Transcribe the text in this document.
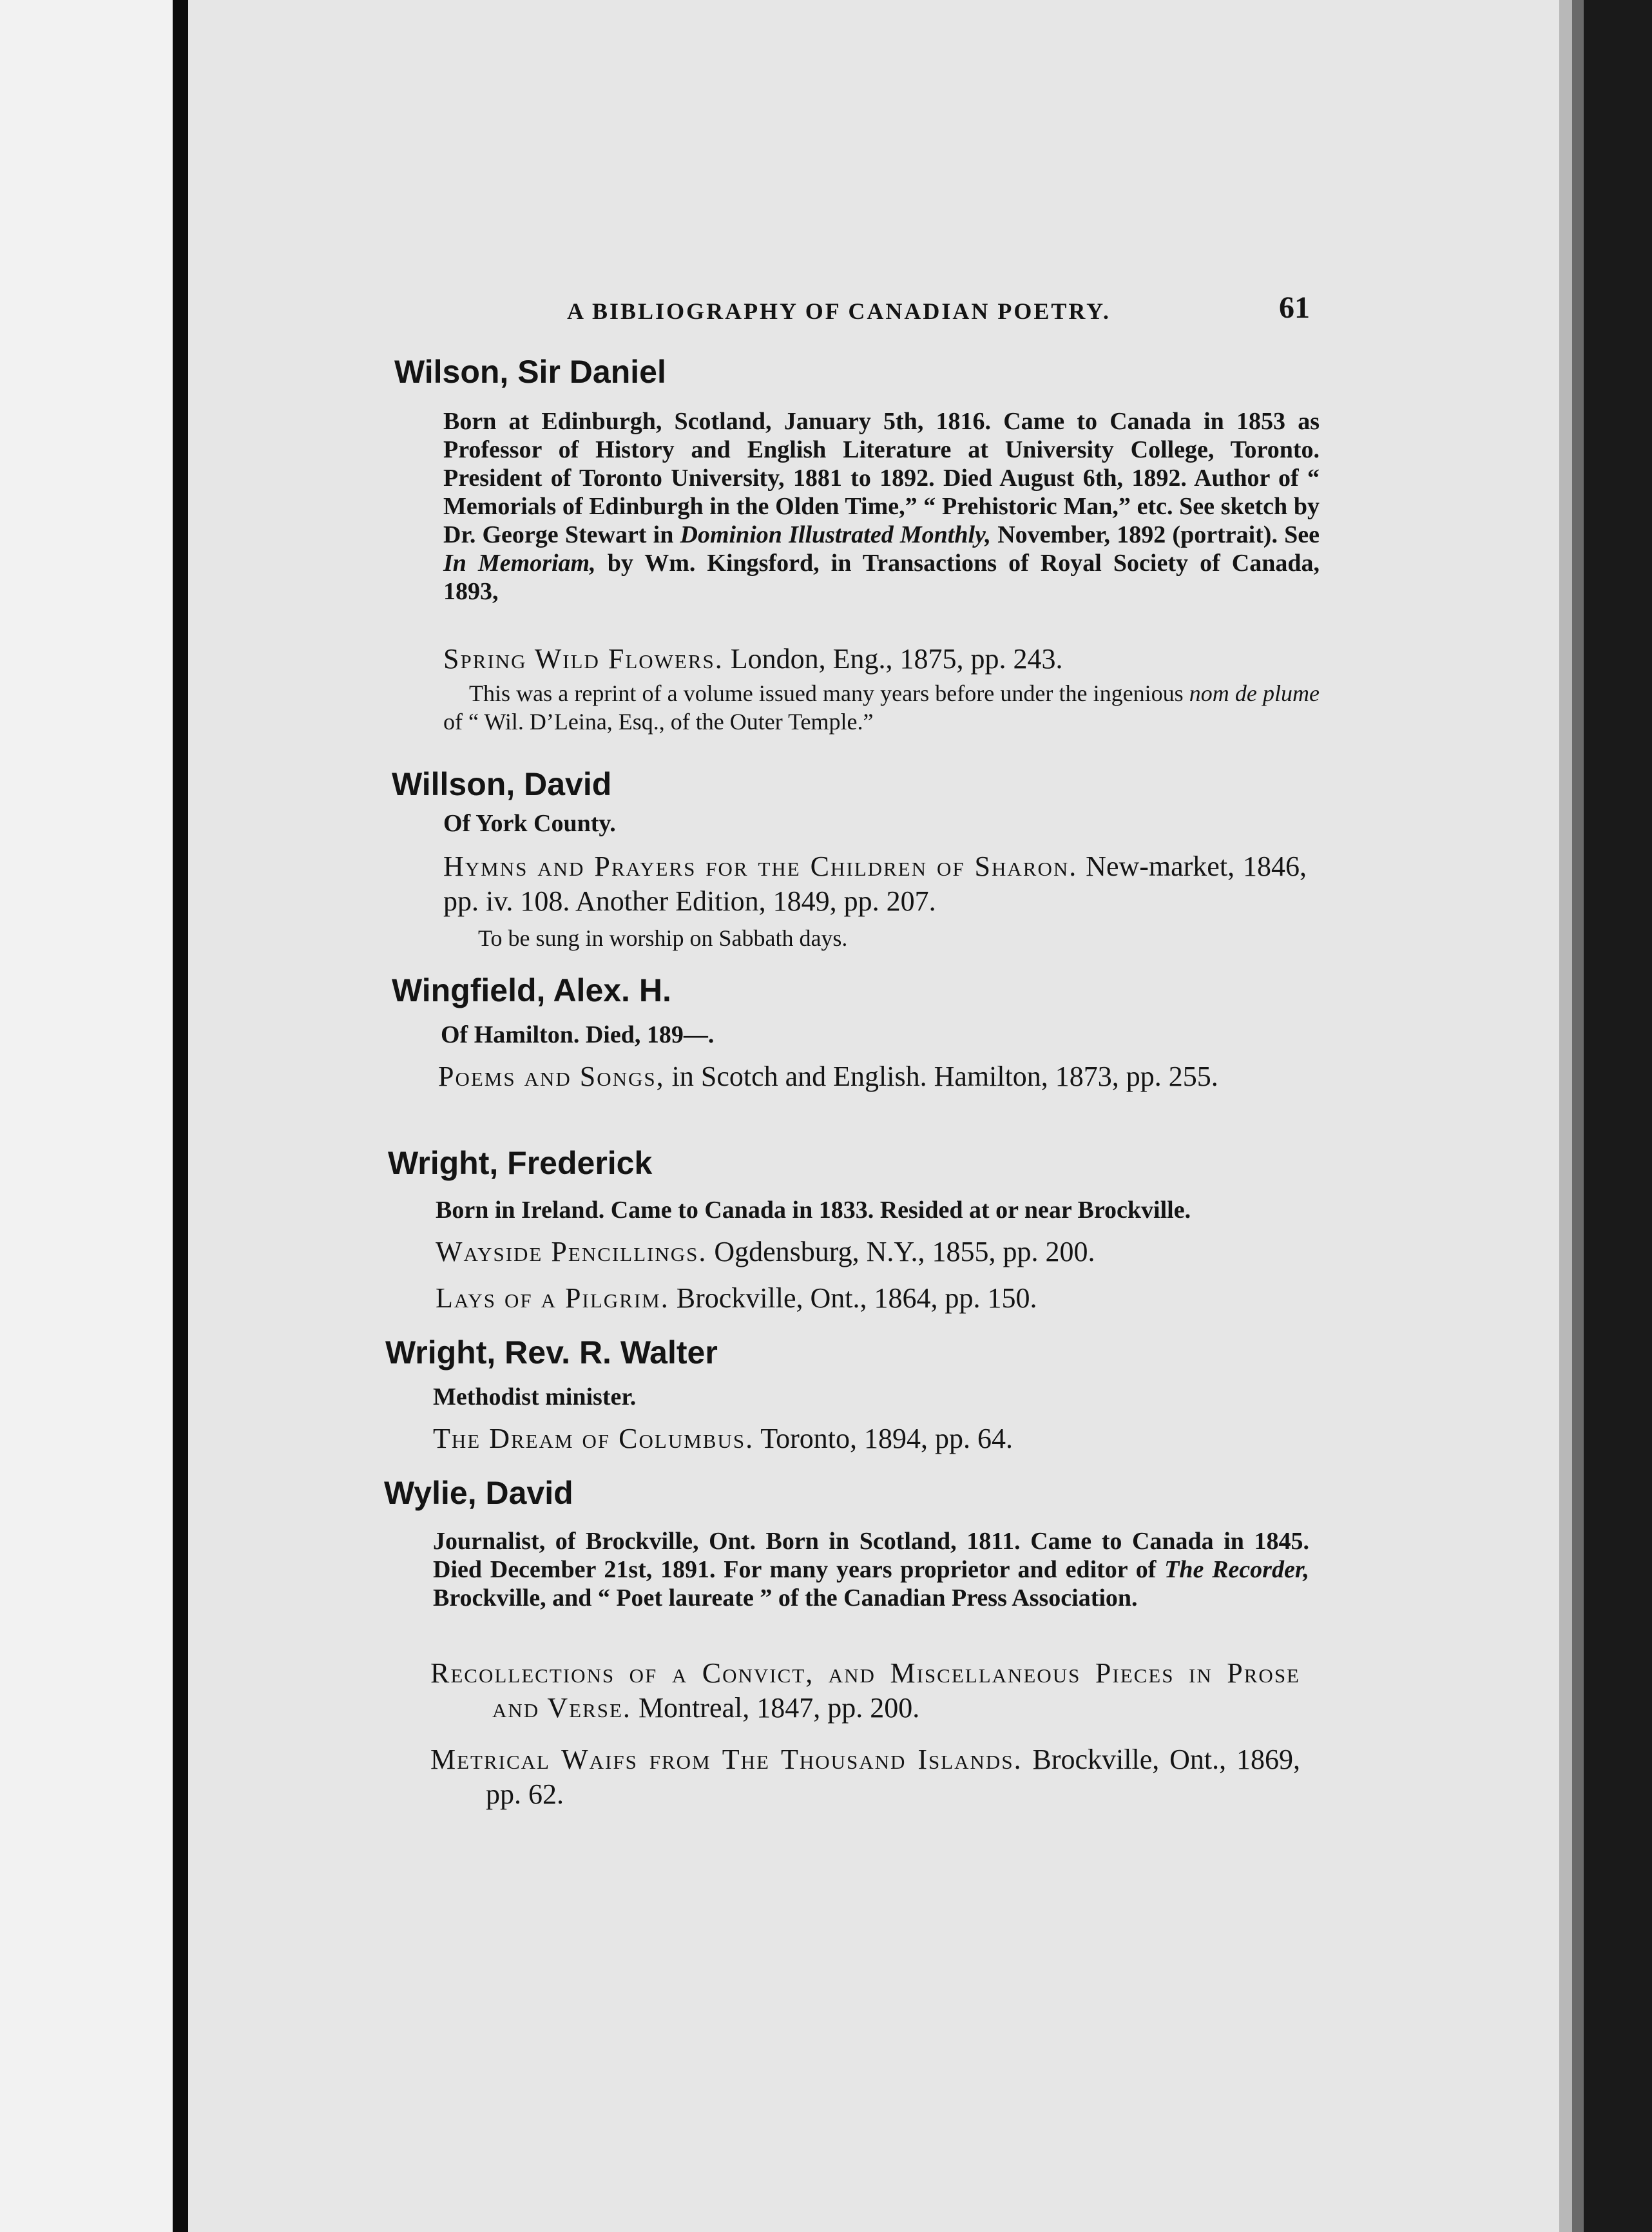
A BIBLIOGRAPHY OF CANADIAN POETRY.	61
Wilson, Sir Daniel
Born at Edinburgh, Scotland, January 5th, 1816. Came to Canada in 1853 as Professor of History and English Literature at University College, Toronto. President of Toronto University, 1881 to 1892. Died August 6th, 1892. Author of “ Memorials of Edinburgh in the Olden Time,” “ Prehistoric Man,” etc. See sketch by Dr. George Stewart in Dominion Illustrated Monthly, November, 1892 (portrait). See In Memoriam, by Wm. Kingsford, in Transactions of Royal Society of Canada, 1893,
Spring Wild Flowers. London, Eng., 1875, pp. 243.
This was a reprint of a volume issued many years before under the ingenious nom de plume of “ Wil. D’Leina, Esq., of the Outer Temple.”
Willson, David
Of York County.
Hymns and Prayers for the Children of Sharon. New-market, 1846, pp. iv. 108. Another Edition, 1849, pp. 207.
To be sung in worship on Sabbath days.
Wingfield, Alex. H.
Of Hamilton. Died, 189—.
Poems and Songs, in Scotch and English. Hamilton, 1873, pp. 255.
Wright, Frederick
Born in Ireland. Came to Canada in 1833. Resided at or near Brockville.
Wayside Pencillings. Ogdensburg, N.Y., 1855, pp. 200.
Lays of a Pilgrim. Brockville, Ont., 1864, pp. 150.
Wright, Rev. R. Walter
Methodist minister.
The Dream of Columbus. Toronto, 1894, pp. 64.
Wylie, David
Journalist, of Brockville, Ont. Born in Scotland, 1811. Came to Canada in 1845. Died December 21st, 1891. For many years proprietor and editor of The Recorder, Brockville, and “ Poet laureate ” of the Canadian Press Association.
Recollections of a Convict, and Miscellaneous Pieces in Prose and Verse. Montreal, 1847, pp. 200.
Metrical Waifs from The Thousand Islands. Brockville, Ont., 1869, pp. 62.
